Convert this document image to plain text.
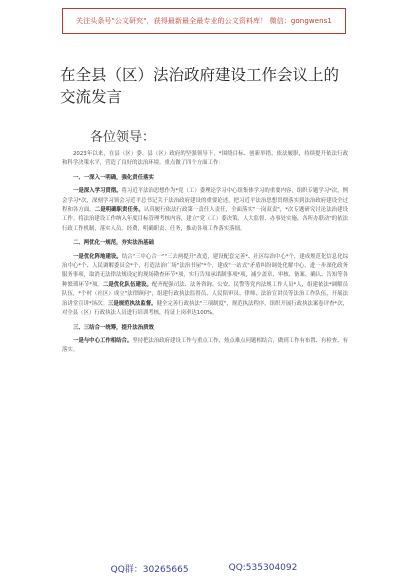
关注头条号"公文研究"，获得最新最全最专业的公文资料库！ 微信：gongwens1
在全县（区）法治政府建设工作会议上的
交流发言
各位领导：

2023年以来，在县（区）委、县（区）政府的坚强领导下，*围绕目标、创新举措、依法履职，持续提升依法行政和科学决策水平，营造了良好的法治环境。重点做了四个方面工作：

一、一深入一明确，强化责任落实

一是深入学习贯彻。将习近平法治思想作为*党（工）委理论学习中心组集体学习的重要内容，组织专题学习*次，例会学习*次，深刻学习领会习近平总书记关于法治政府建设的重要论述，把习近平法治思想贯彻落实到法治政府建设全过程和各方面。二是明确职责任务。认真履行依法行政第一责任人责任，全面落实"一岗双责"，*次专题研究讨论法治建设工作。将法治建设工作纳入年度目标管理考核内容，建立"党（工）委决策、人大监督、办事处实施、各所办联动"的依法行政工作机制，落实人员、经费，明确职责、任务，推动各项工作落实落细。

二、两优化一规范，夯实法治基础

一是优化阵地建设。结合"三中心合一""三去两提升"改造，建设配套完善*、社区综治中心*个，建成规范化信息化综治中心*个、人民调解委员会*个，打造法治广场"法治书屋"*个，建成"一站式"矛盾纠纷调处化解中心，进一步深化政务服务事项，取消无法律法规设定的现场勘查环节*项，实行告知承诺制事项*项，减少盖章、审核、备案、确认、告知等各种繁琐环节*项。二是优化队伍建设。配齐配强司法、法务咨询、公安、民警等党内法规工作人员*人，组建依法*调解员队伍，*个村（社区）成立"法律顾问"，组建行政执法监督员、人民陪审员、律师、法治宣讲员等法治工作队伍，开展法治讲堂宣讲*场次。三是规范执法监督。健全完善行政执法"三项制度"，规范执法程序，组织开展行政执法案卷评查*次，对全县（区）行政执法人员进行培训考核，持证上岗率达100%。

三、三结合一统筹，提升法治质效

一是与中心工作相结合。坚持把法治政府建设工作与重点工作、热点难点问题相结合，做到工作有布置、有检查、有落实。

QQ群：30265665	QQ:535304092
